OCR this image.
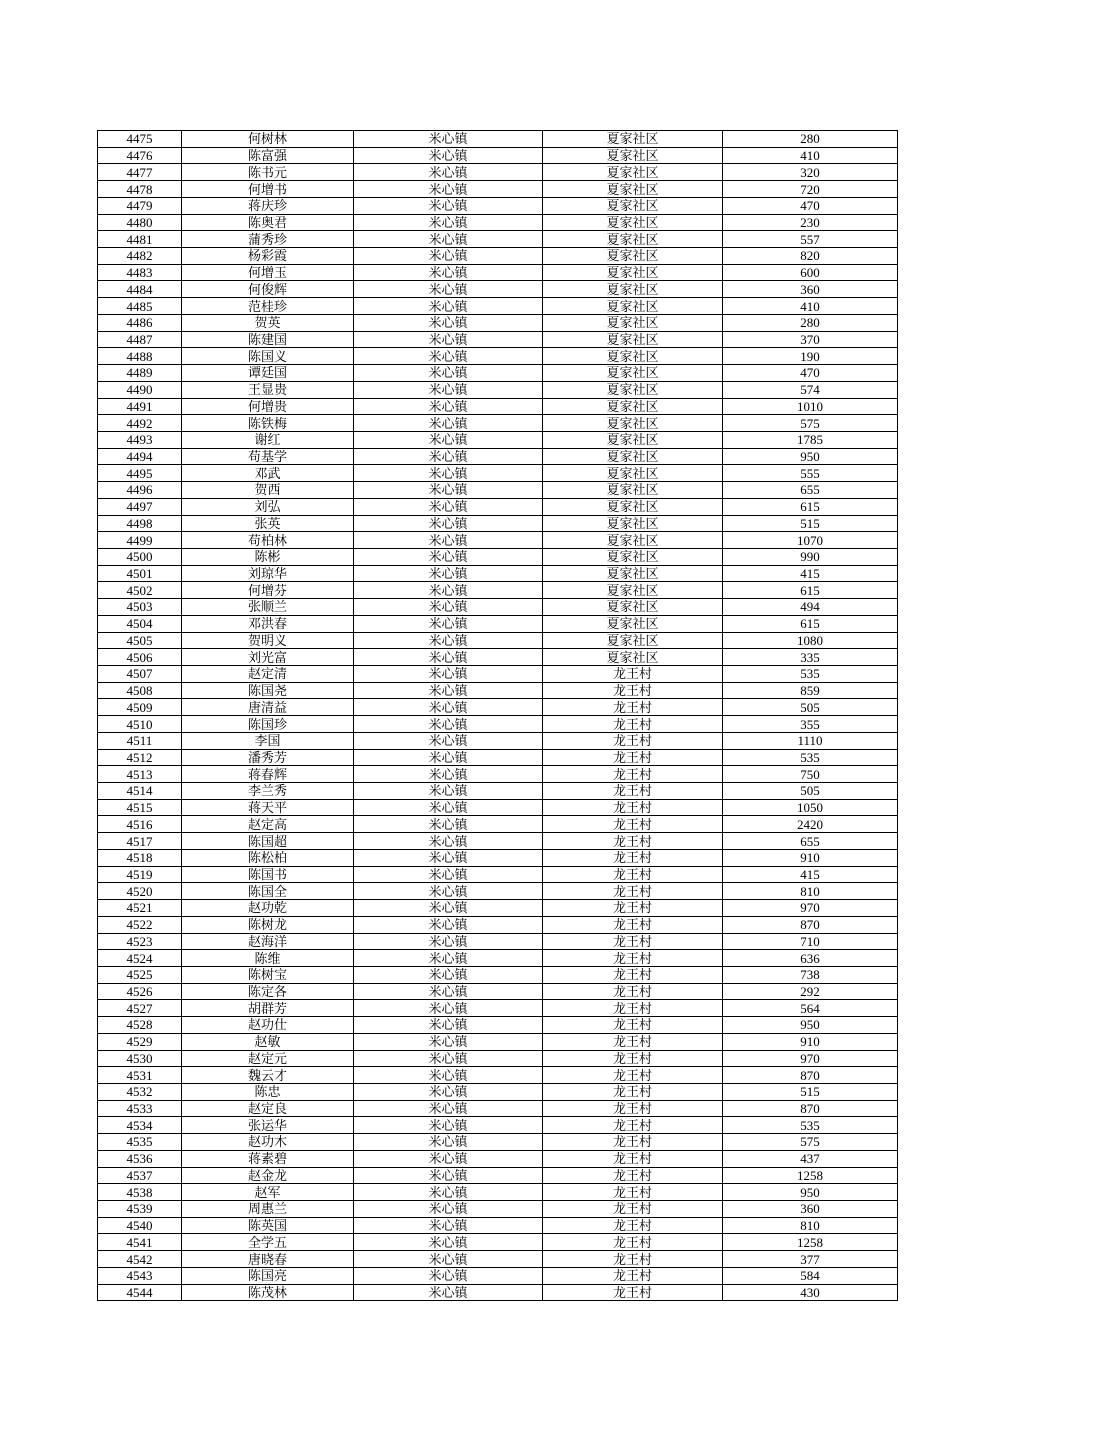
4475	何树林	米心镇	夏家社区	280
4476	陈富强	米心镇	夏家社区	410
4477	陈书元	米心镇	夏家社区	320
4478	何增书	米心镇	夏家社区	720
4479	蒋庆珍	米心镇	夏家社区	470
4480	陈奥君	米心镇	夏家社区	230
4481	蒲秀珍	米心镇	夏家社区	557
4482	杨彩霞	米心镇	夏家社区	820
4483	何增玉	米心镇	夏家社区	600
4484	何俊辉	米心镇	夏家社区	360
4485	范桂珍	米心镇	夏家社区	410
4486	贺英	米心镇	夏家社区	280
4487	陈建国	米心镇	夏家社区	370
4488	陈国义	米心镇	夏家社区	190
4489	谭廷国	米心镇	夏家社区	470
4490	王显贵	米心镇	夏家社区	574
4491	何增贵	米心镇	夏家社区	1010
4492	陈铁梅	米心镇	夏家社区	575
4493	谢红	米心镇	夏家社区	1785
4494	苟基学	米心镇	夏家社区	950
4495	邓武	米心镇	夏家社区	555
4496	贺西	米心镇	夏家社区	655
4497	刘弘	米心镇	夏家社区	615
4498	张英	米心镇	夏家社区	515
4499	苟柏林	米心镇	夏家社区	1070
4500	陈彬	米心镇	夏家社区	990
4501	刘琼华	米心镇	夏家社区	415
4502	何增芬	米心镇	夏家社区	615
4503	张顺兰	米心镇	夏家社区	494
4504	邓洪春	米心镇	夏家社区	615
4505	贺明义	米心镇	夏家社区	1080
4506	刘光富	米心镇	夏家社区	335
4507	赵定清	米心镇	龙王村	535
4508	陈国尧	米心镇	龙王村	859
4509	唐清益	米心镇	龙王村	505
4510	陈国珍	米心镇	龙王村	355
4511	李国	米心镇	龙王村	1110
4512	潘秀芳	米心镇	龙王村	535
4513	蒋春辉	米心镇	龙王村	750
4514	李兰秀	米心镇	龙王村	505
4515	蒋天平	米心镇	龙王村	1050
4516	赵定高	米心镇	龙王村	2420
4517	陈国超	米心镇	龙王村	655
4518	陈松柏	米心镇	龙王村	910
4519	陈国书	米心镇	龙王村	415
4520	陈国全	米心镇	龙王村	810
4521	赵功乾	米心镇	龙王村	970
4522	陈树龙	米心镇	龙王村	870
4523	赵海洋	米心镇	龙王村	710
4524	陈维	米心镇	龙王村	636
4525	陈树宝	米心镇	龙王村	738
4526	陈定各	米心镇	龙王村	292
4527	胡群芳	米心镇	龙王村	564
4528	赵功仕	米心镇	龙王村	950
4529	赵敏	米心镇	龙王村	910
4530	赵定元	米心镇	龙王村	970
4531	魏云才	米心镇	龙王村	870
4532	陈忠	米心镇	龙王村	515
4533	赵定良	米心镇	龙王村	870
4534	张运华	米心镇	龙王村	535
4535	赵功木	米心镇	龙王村	575
4536	蒋素碧	米心镇	龙王村	437
4537	赵金龙	米心镇	龙王村	1258
4538	赵军	米心镇	龙王村	950
4539	周惠兰	米心镇	龙王村	360
4540	陈英国	米心镇	龙王村	810
4541	全学五	米心镇	龙王村	1258
4542	唐晓春	米心镇	龙王村	377
4543	陈国亮	米心镇	龙王村	584
4544	陈茂林	米心镇	龙王村	430
